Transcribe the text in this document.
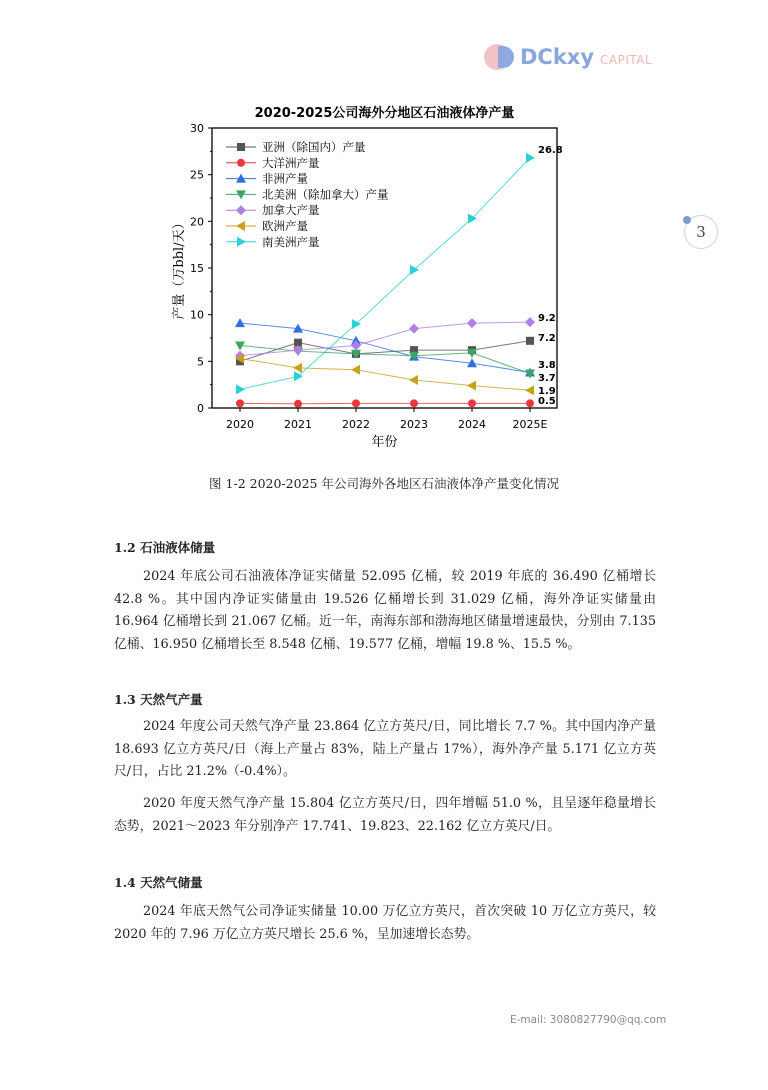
DCkxy CAPITAL
3
2020-2025公司海外分地区石油液体净产量
0
5
10
15
20
25
30
2020	2021	2022	2023	2024 2025E
年份
产量（万bbl/天）
7.2
亚洲（除国内）产量
0.5
大洋洲产量
3.8
非洲产量
3.7
北美洲（除加拿大）产量
9.2
加拿大产量
1.9
欧洲产量
26.8
南美洲产量
图 1-2 2020-2025 年公司海外各地区石油液体净产量变化情况
1.2 石油液体储量
2024 年底公司石油液体净证实储量 52.095 亿桶，较 2019 年底的 36.490 亿桶增长 42.8 %。其中国内净证实储量由 19.526 亿桶增长到 31.029 亿桶，海外净证实储量由 16.964 亿桶增长到 21.067 亿桶。近一年，南海东部和渤海地区储量增速最快，分别由 7.135 亿桶、16.950 亿桶增长至 8.548 亿桶、19.577 亿桶，增幅 19.8 %、15.5 %。
1.3 天然气产量
2024 年度公司天然气净产量 23.864 亿立方英尺/日，同比增长 7.7 %。其中国内净产量 18.693 亿立方英尺/日（海上产量占 83%，陆上产量占 17%），海外净产量 5.171 亿立方英尺/日，占比 21.2%（-0.4%）。
2020 年度天然气净产量 15.804 亿立方英尺/日，四年增幅 51.0 %，且呈逐年稳量增长态势，2021～2023 年分别净产 17.741、19.823、22.162 亿立方英尺/日。
1.4 天然气储量
2024 年底天然气公司净证实储量 10.00 万亿立方英尺，首次突破 10 万亿立方英尺，较 2020 年的 7.96 万亿立方英尺增长 25.6 %，呈加速增长态势。
E-mail: 3080827790@qq.com
